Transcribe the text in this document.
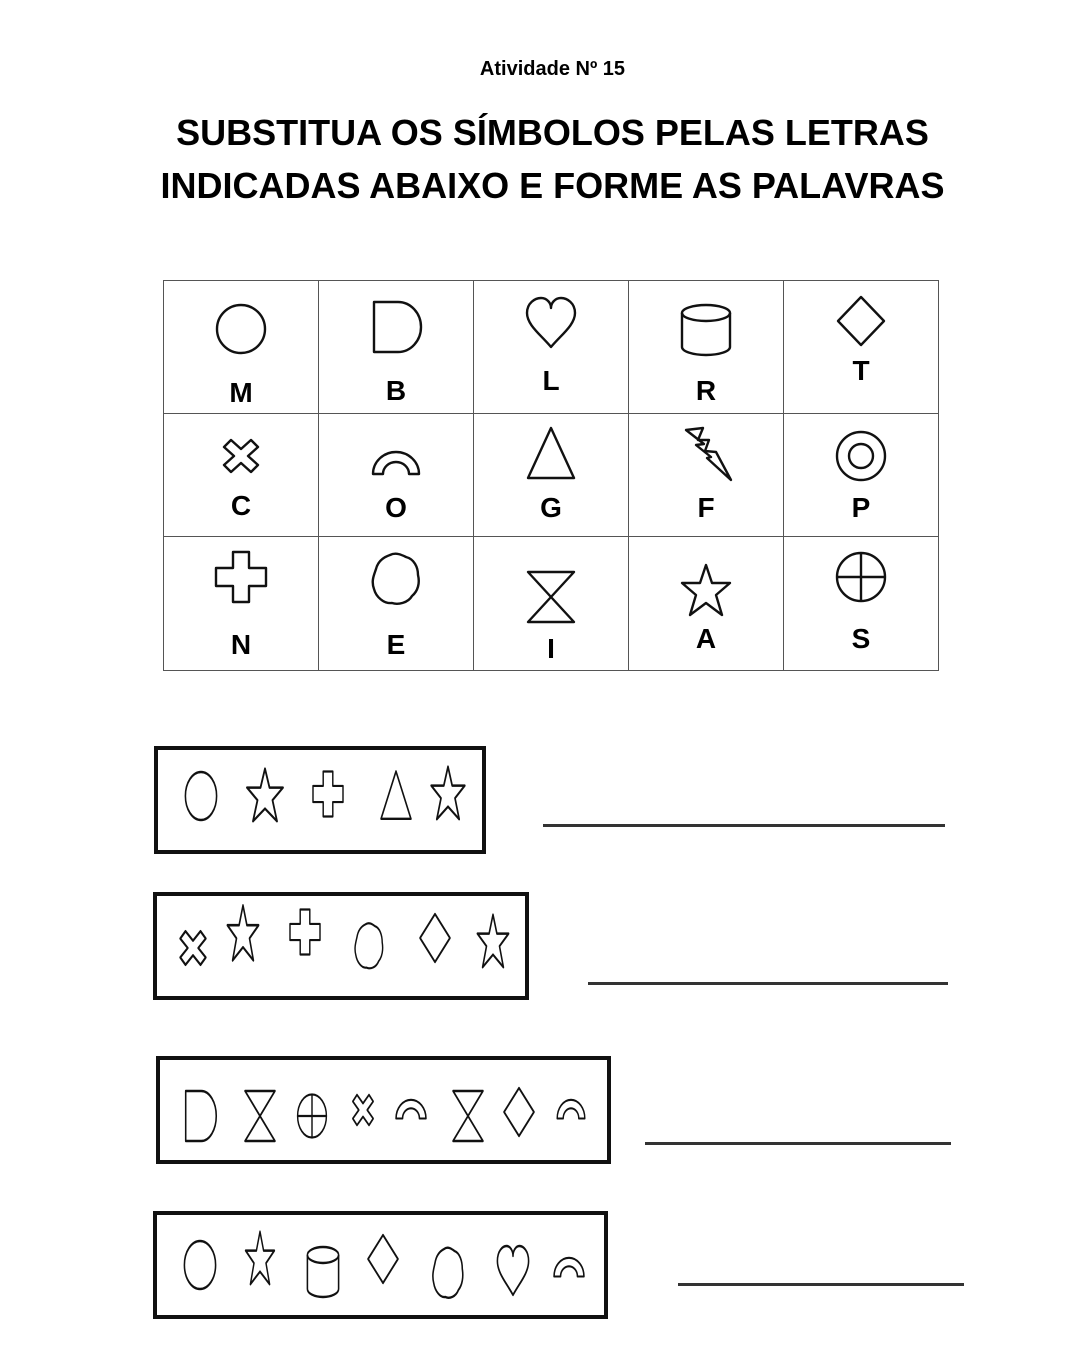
Atividade Nº 15
SUBSTITUA OS SÍMBOLOS PELAS LETRAS
INDICADAS ABAIXO E FORME AS PALAVRAS
M	B	L	R	T

C	O	G	F	P

N	E	I	A	S
